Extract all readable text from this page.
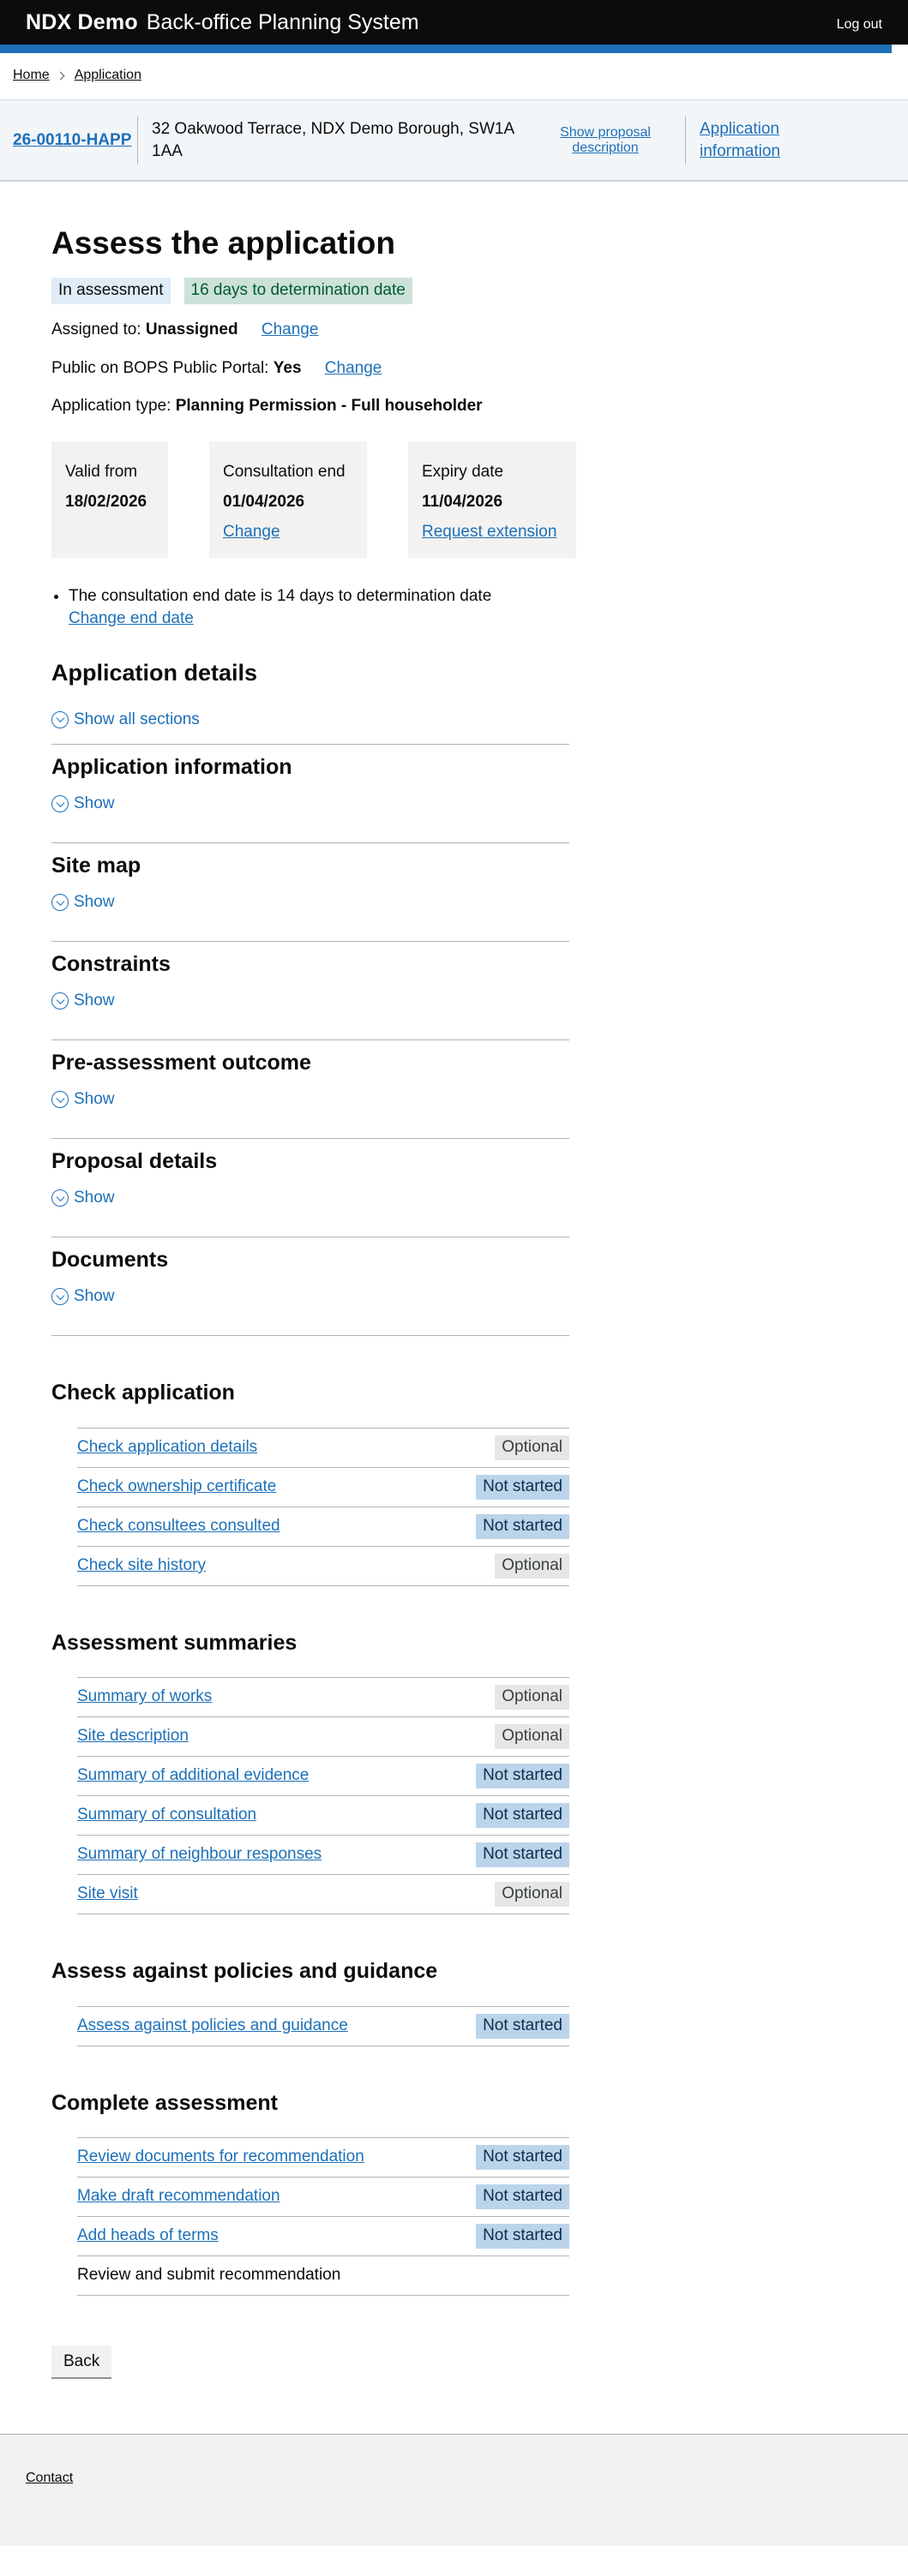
NDX Demo Back-office Planning System	Log out
Home Application
26-00110-HAPP
32 Oakwood Terrace, NDX Demo Borough, SW1A 1AA
Show proposal description
Application information
Assess the application
In assessment	16 days to determination date

Assigned to: Unassigned Change

Public on BOPS Public Portal: Yes Change

Application type: Planning Permission - Full householder

Valid from
18/02/2026
Consultation end
01/04/2026
Change
Expiry date
11/04/2026
Request extension
• The consultation end date is 14 days to determination date
Change end date
Application details
Show all sections
Application information
Show
Site map
Show
Constraints
Show
Pre-assessment outcome
Show
Proposal details
Show
Documents
Show
Check application
Check application details	Optional
Check ownership certificate	Not started
Check consultees consulted	Not started
Check site history	Optional
Assessment summaries
Summary of works	Optional
Site description	Optional
Summary of additional evidence	Not started
Summary of consultation	Not started
Summary of neighbour responses	Not started
Site visit	Optional
Assess against policies and guidance
Assess against policies and guidance	Not started
Complete assessment
Review documents for recommendation	Not started
Make draft recommendation	Not started
Add heads of terms	Not started
Review and submit recommendation
Back
Contact
